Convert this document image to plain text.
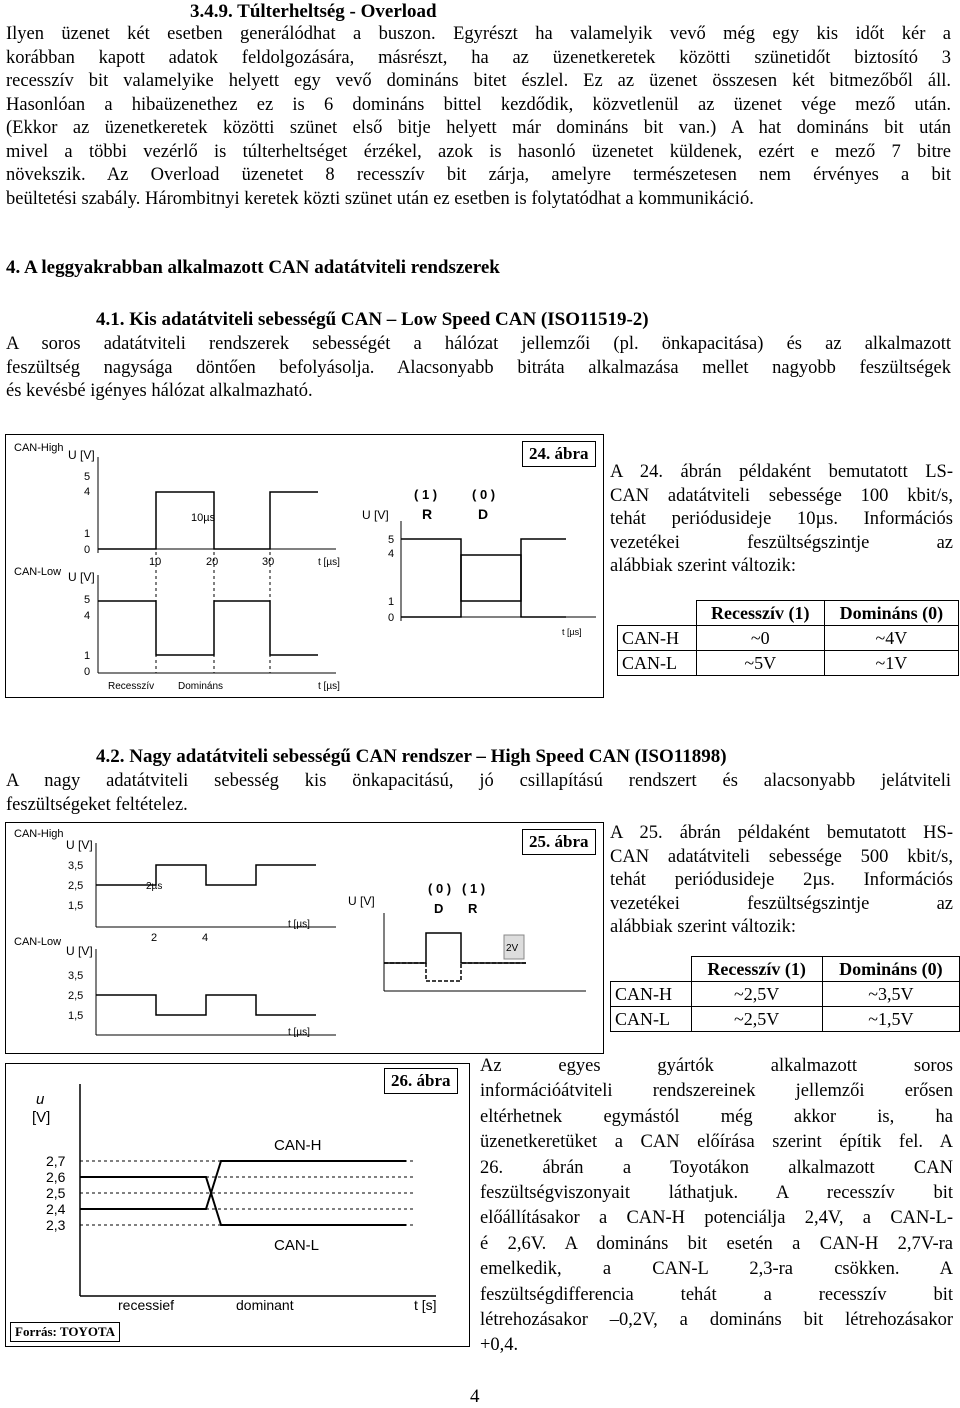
3.4.9. Túlterheltség - Overload
Ilyen üzenet két esetben generálódhat a buszon. Egyrészt ha valamelyik vevő még egy kis időt kér a
korábban kapott adatok feldolgozására, másrészt, ha az üzenetkeretek közötti szünetidőt biztosító 3
recesszív bit valamelyike helyett egy vevő domináns bitet észlel. Ez az üzenet összesen két bitmezőből áll.
Hasonlóan a hibaüzenethez ez is 6 domináns bittel kezdődik, közvetlenül az üzenet vége mező után.
(Ekkor az üzenetkeretek közötti szünet első bitje helyett már domináns bit van.) A hat domináns bit után
mivel a többi vezérlő is túlterheltséget érzékel, azok is hasonló üzenetet küldenek, ezért e mező 7 bitre
növekszik. Az Overload üzenetet 8 recesszív bit zárja, amelyre természetesen nem érvényes a bit
beültetési szabály. Hárombitnyi keretek közti szünet után ez esetben is folytatódhat a kommunikáció.
4. A leggyakrabban alkalmazott CAN adatátviteli rendszerek
4.1. Kis adatátviteli sebességű CAN – Low Speed CAN (ISO11519-2)
A soros adatátviteli rendszerek sebességét a hálózat jellemzői (pl. önkapacitása) és az alkalmazott
feszültség nagysága döntően befolyásolja. Alacsonyabb bitráta alkalmazása mellet nagyobb feszültségek
és kevésbé igényes hálózat alkalmazható.
CAN-High U [V]
5
4
1
0
10µs
10	20	30	t [µs]
CAN-Low U [V]
5
4
1
0
Recesszív Domináns	t [µs]
( 1 )	( 0 )
R	D
U [V]
5
4
1
0
t [µs]
24. ábra
A 24. ábrán példaként bemutatott LS-
CAN adatátviteli sebessége 100 kbit/s,
tehát periódusideje 10µs. Információs
vezetékei feszültségszintje az
alábbiak szerint változik:
	Recesszív (1)	Domináns (0)
CAN-H	~0	~4V
CAN-L	~5V	~1V
4.2. Nagy adatátviteli sebességű CAN rendszer – High Speed CAN (ISO11898)
A nagy adatátviteli sebesség kis önkapacitású, jó csillapítású rendszert és alacsonyabb jelátviteli
feszültségeket feltételez.
CAN-High
U [V]
3,5
2,5
1,5
2µs
2	4
t [µs]
CAN-Low
U [V]
3,5
2,5
1,5
t [µs]
( 0 ) ( 1 )
D R
U [V]
2V
25. ábra	A 25. ábrán példaként bemutatott HS-
CAN adatátviteli sebessége 500 kbit/s,
tehát periódusideje 2µs. Információs
vezetékei feszültségszintje az
alábbiak szerint változik:
	Recesszív (1)	Domináns (0)
CAN-H	~2,5V	~3,5V
CAN-L	~2,5V	~1,5V
u
[V]
2,7
2,6
2,5
2,4
2,3
CAN-H
CAN-L
recessief	dominant	t [s]
26. ábra
Forrás: TOYOTA
Az egyes gyártók alkalmazott soros
információátviteli rendszereinek jellemzői erősen
eltérhetnek egymástól még akkor is, ha
üzenetkeretüket a CAN előírása szerint építik fel. A
26. ábrán a Toyotákon alkalmazott CAN
feszültségviszonyait láthatjuk. A recesszív bit
előállításakor a CAN-H potenciálja 2,4V, a CAN-L-
é 2,6V. A domináns bit esetén a CAN-H 2,7V-ra
emelkedik, a CAN-L 2,3-ra csökken. A
feszültségdifferencia tehát a recesszív bit
létrehozásakor –0,2V, a domináns bit létrehozásakor
+0,4.
4
